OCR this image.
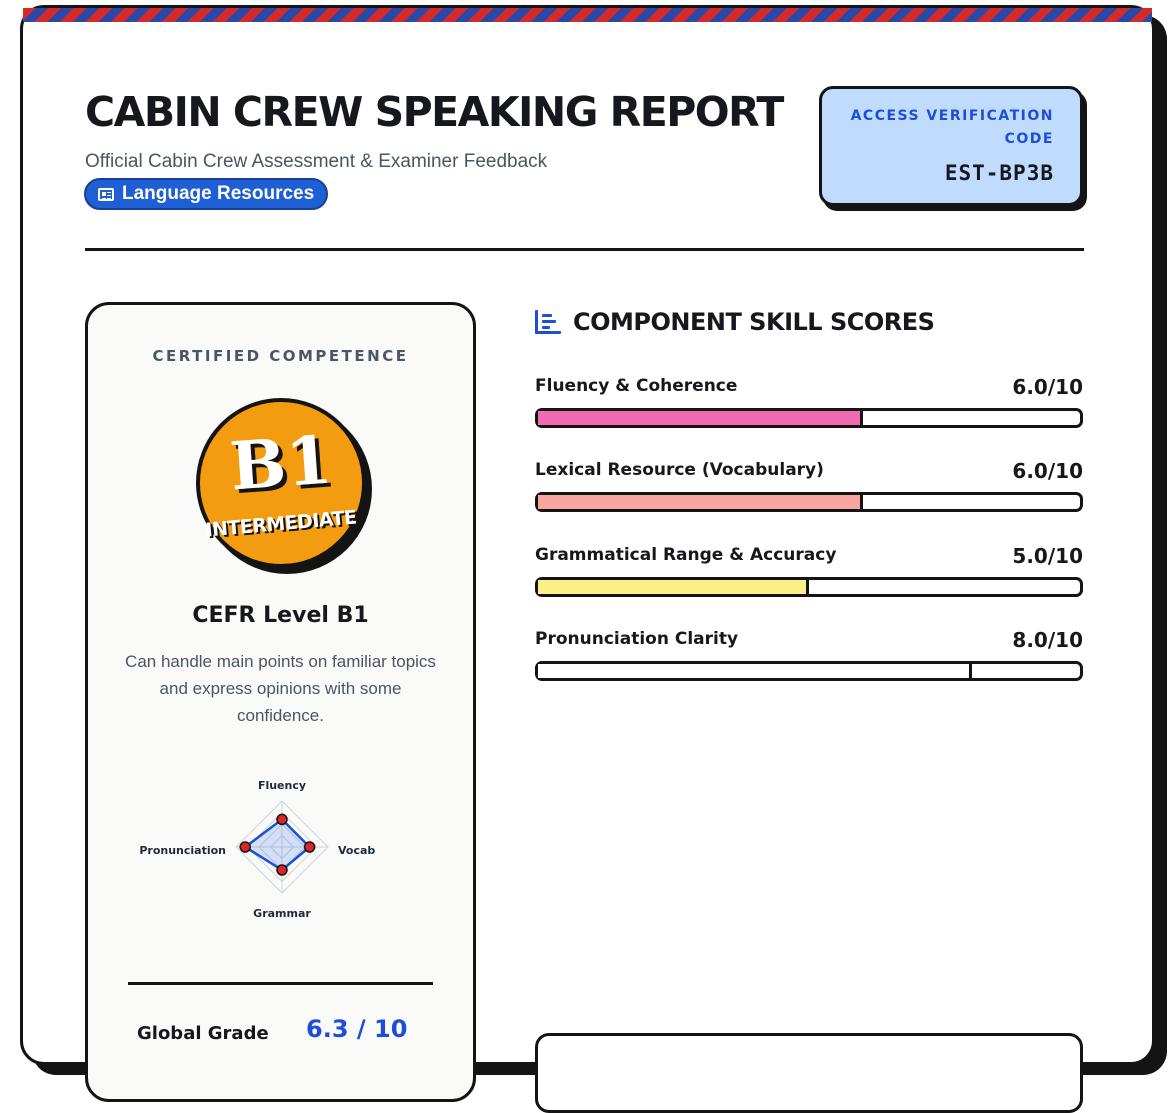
CABIN CREW SPEAKING REPORT
Official Cabin Crew Assessment & Examiner Feedback
Language Resources
ACCESS VERIFICATION CODE
EST-BP3B
CERTIFIED COMPETENCE
B1
INTERMEDIATE
CEFR Level B1
Can handle main points on familiar topics and express opinions with some confidence.
Fluency
Vocab
Grammar
Pronunciation
Global Grade 6.3 / 10
COMPONENT SKILL SCORES
Fluency & Coherence	6.0/10
Lexical Resource (Vocabulary)	6.0/10
Grammatical Range & Accuracy	5.0/10
Pronunciation Clarity	8.0/10
